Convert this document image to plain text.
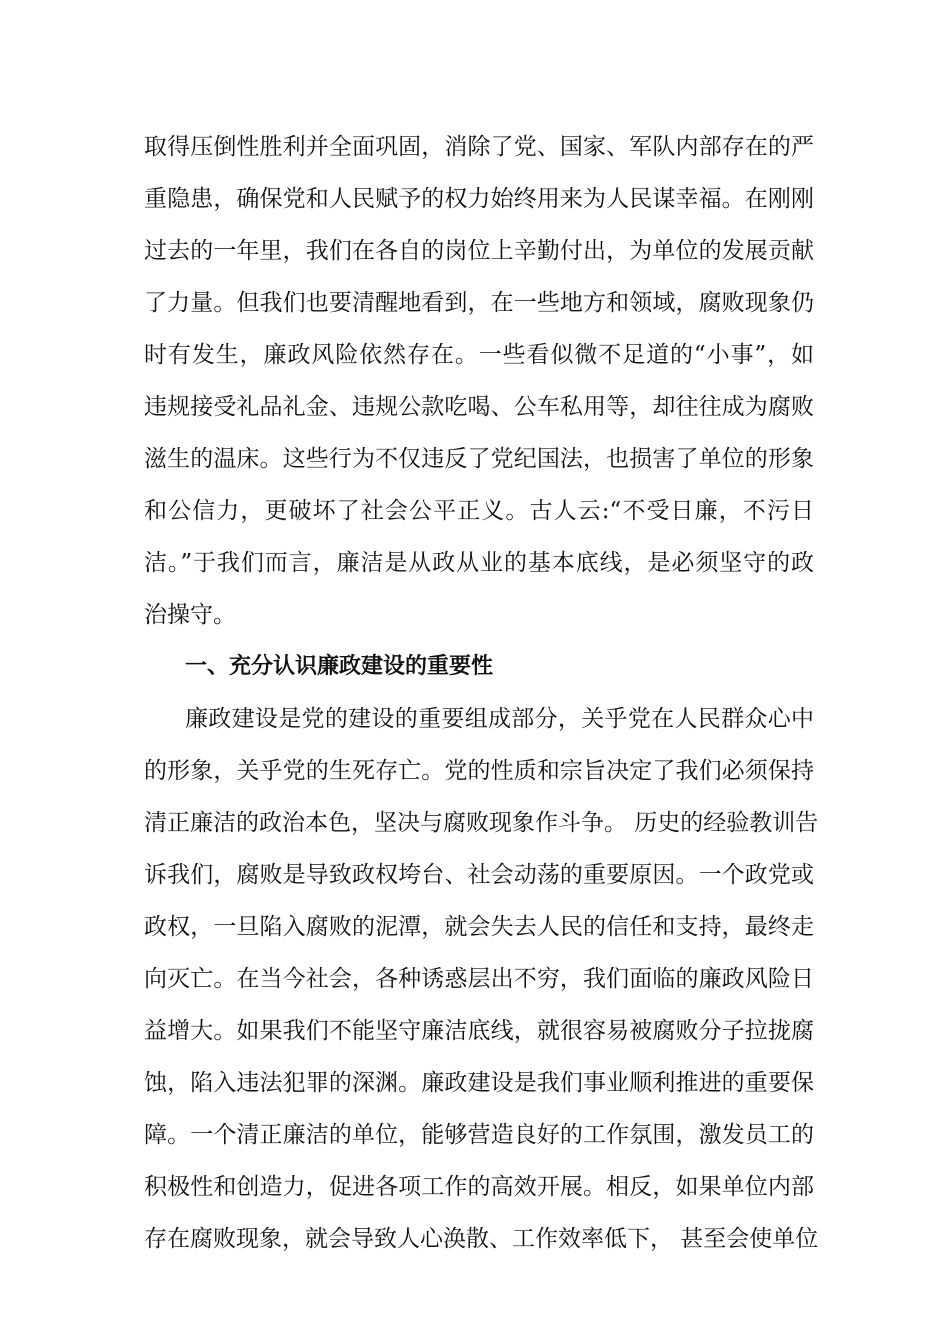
取得压倒性胜利并全面巩固，消除了党、国家、军队内部存在的严
重隐患，确保党和人民赋予的权力始终用来为人民谋幸福。在刚刚
过去的一年里，我们在各自的岗位上辛勤付出，为单位的发展贡献
了力量。但我们也要清醒地看到，在一些地方和领域，腐败现象仍
时有发生，廉政风险依然存在。一些看似微不足道的“小事”，如
违规接受礼品礼金、违规公款吃喝、公车私用等，却往往成为腐败
滋生的温床。这些行为不仅违反了党纪国法，也损害了单位的形象
和公信力，更破坏了社会公平正义。古人云:“不受日廉，不污日
洁。”于我们而言，廉洁是从政从业的基本底线，是必须坚守的政
治操守。
一、充分认识廉政建设的重要性
廉政建设是党的建设的重要组成部分，关乎党在人民群众心中
的形象，关乎党的生死存亡。党的性质和宗旨决定了我们必须保持
清正廉洁的政治本色，坚决与腐败现象作斗争。 历史的经验教训告
诉我们，腐败是导致政权垮台、社会动荡的重要原因。一个政党或
政权，一旦陷入腐败的泥潭，就会失去人民的信任和支持，最终走
向灭亡。在当今社会，各种诱惑层出不穷，我们面临的廉政风险日
益增大。如果我们不能坚守廉洁底线，就很容易被腐败分子拉拢腐
蚀，陷入违法犯罪的深渊。廉政建设是我们事业顺利推进的重要保
障。一个清正廉洁的单位，能够营造良好的工作氛围，激发员工的
积极性和创造力，促进各项工作的高效开展。相反，如果单位内部
存在腐败现象，就会导致人心涣散、工作效率低下， 甚至会使单位
